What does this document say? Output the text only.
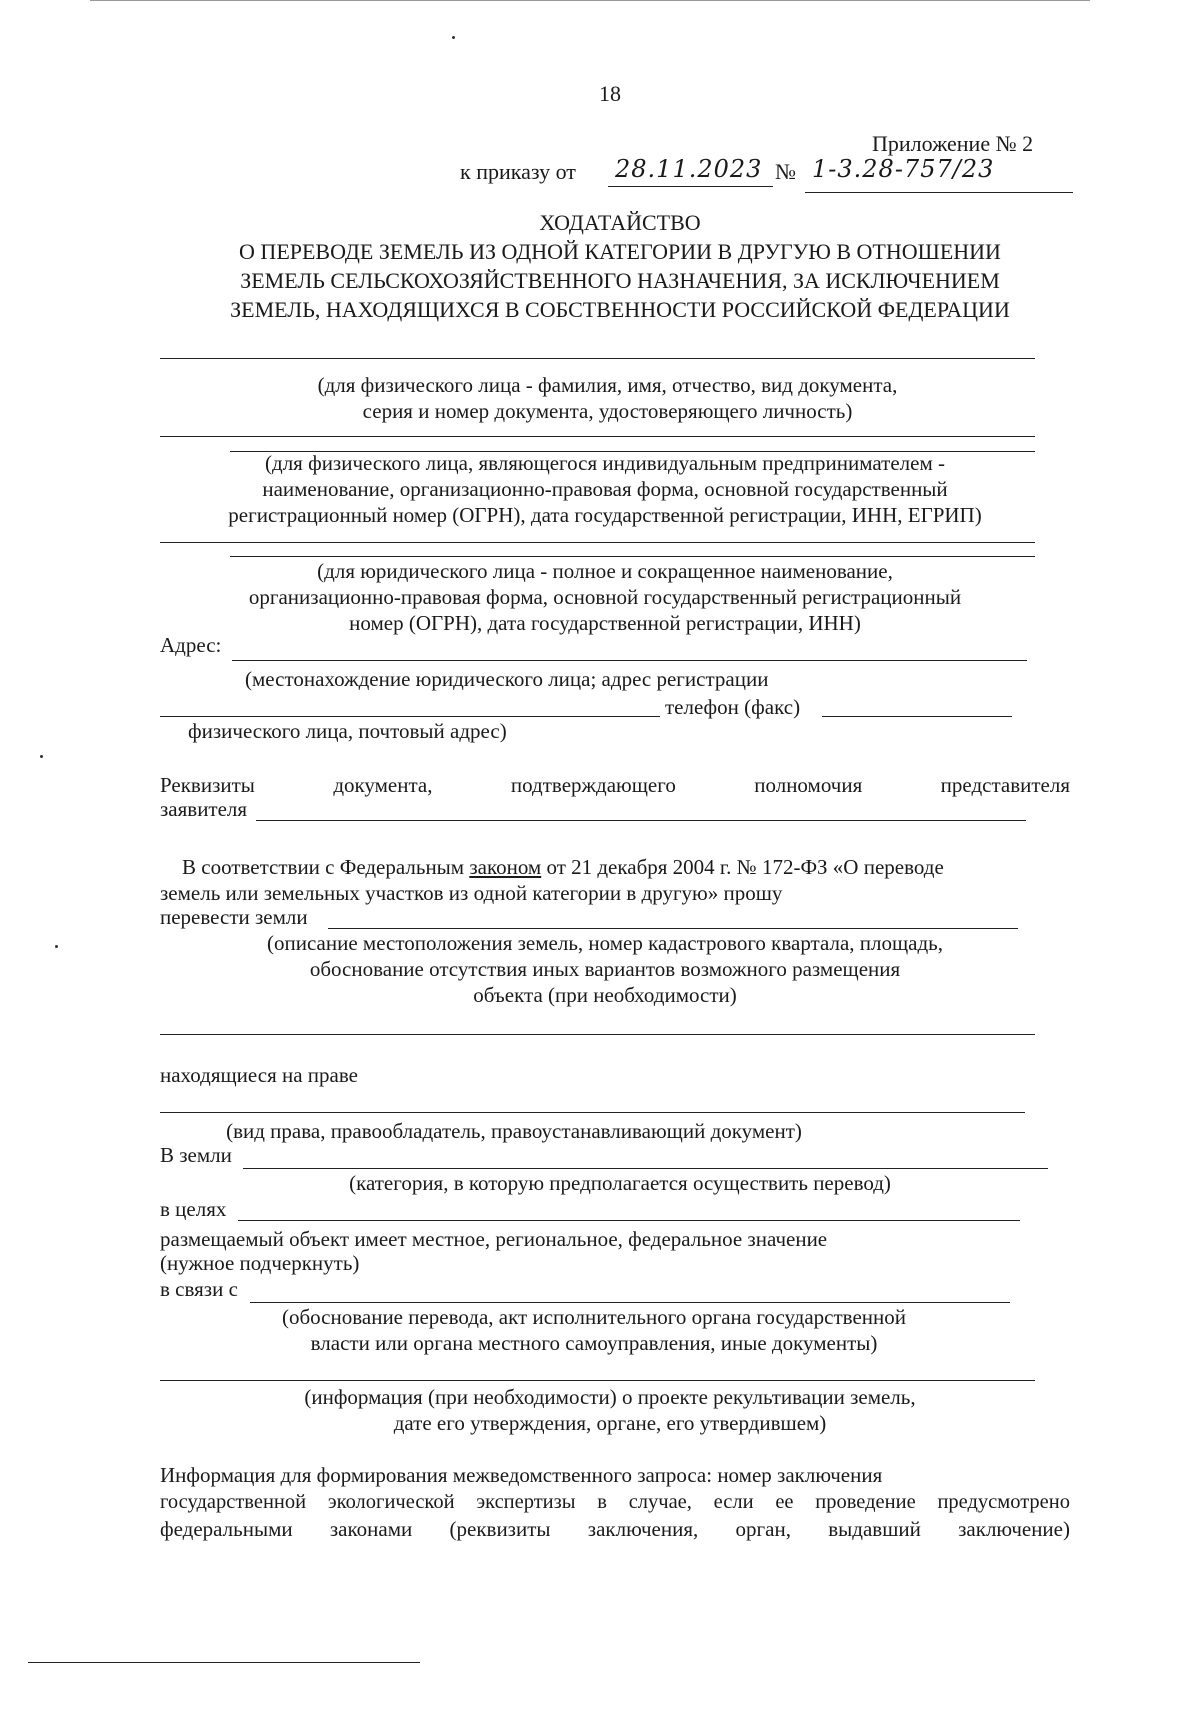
18
Приложение № 2
к приказу от 28.11.2023 № 1-3.28-757/23
ХОДАТАЙСТВО
О ПЕРЕВОДЕ ЗЕМЕЛЬ ИЗ ОДНОЙ КАТЕГОРИИ В ДРУГУЮ В ОТНОШЕНИИ
ЗЕМЕЛЬ СЕЛЬСКОХОЗЯЙСТВЕННОГО НАЗНАЧЕНИЯ, ЗА ИСКЛЮЧЕНИЕМ
ЗЕМЕЛЬ, НАХОДЯЩИХСЯ В СОБСТВЕННОСТИ РОССИЙСКОЙ ФЕДЕРАЦИИ
(для физического лица - фамилия, имя, отчество, вид документа,
серия и номер документа, удостоверяющего личность)
(для физического лица, являющегося индивидуальным предпринимателем -
наименование, организационно-правовая форма, основной государственный
регистрационный номер (ОГРН), дата государственной регистрации, ИНН, ЕГРИП)
(для юридического лица - полное и сокращенное наименование,
организационно-правовая форма, основной государственный регистрационный
номер (ОГРН), дата государственной регистрации, ИНН)
Адрес:
(местонахождение юридического лица; адрес регистрации
телефон (факс)
физического лица, почтовый адрес)
Реквизиты	документа,	подтверждающего	полномочия	представителя
заявителя
В соответствии с Федеральным законом от 21 декабря 2004 г. № 172-ФЗ «О переводе
земель или земельных участков из одной категории в другую» прошу
перевести земли
(описание местоположения земель, номер кадастрового квартала, площадь,
обоснование отсутствия иных вариантов возможного размещения
объекта (при необходимости)
находящиеся на праве
(вид права, правообладатель, правоустанавливающий документ)
В земли
(категория, в которую предполагается осуществить перевод)
в целях
размещаемый объект имеет местное, региональное, федеральное значение
(нужное подчеркнуть)
в связи с
(обоснование перевода, акт исполнительного органа государственной
власти или органа местного самоуправления, иные документы)
(информация (при необходимости) о проекте рекультивации земель,
дате его утверждения, органе, его утвердившем)
Информация для формирования межведомственного запроса: номер заключения
государственной экологической экспертизы в случае, если ее проведение предусмотрено
федеральными законами (реквизиты заключения, орган, выдавший заключение)
